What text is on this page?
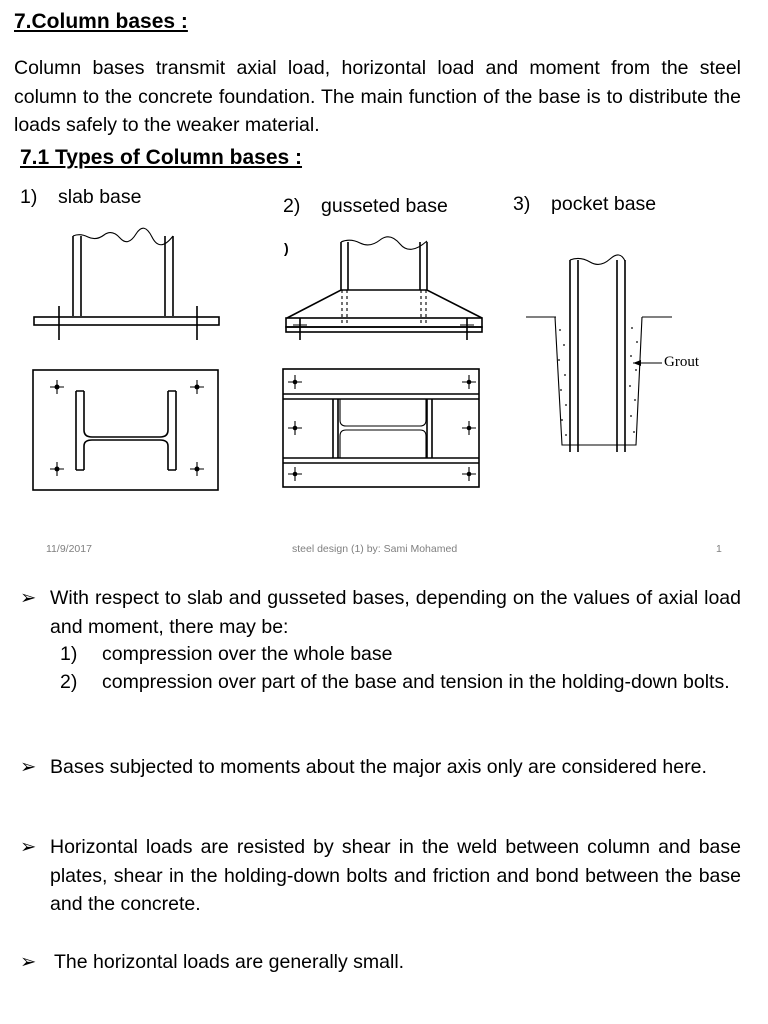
7.Column bases :
Column bases transmit axial load, horizontal load and moment from the steel column to the concrete foundation. The main function of the base is to distribute the loads safely to the weaker material.
7.1 Types of Column bases :
1) slab base	2) gusseted base	3) pocket base
)
Grout
11/9/2017	steel design (1) by: Sami Mohamed	1
➢ With respect to slab and gusseted bases, depending on the values of axial load and moment, there may be:
1) compression over the whole base
2) compression over part of the base and tension in the holding-down bolts.
➢ Bases subjected to moments about the major axis only are considered here.
➢ Horizontal loads are resisted by shear in the weld between column and base plates, shear in the holding-down bolts and friction and bond between the base and the concrete.
➢ The horizontal loads are generally small.
